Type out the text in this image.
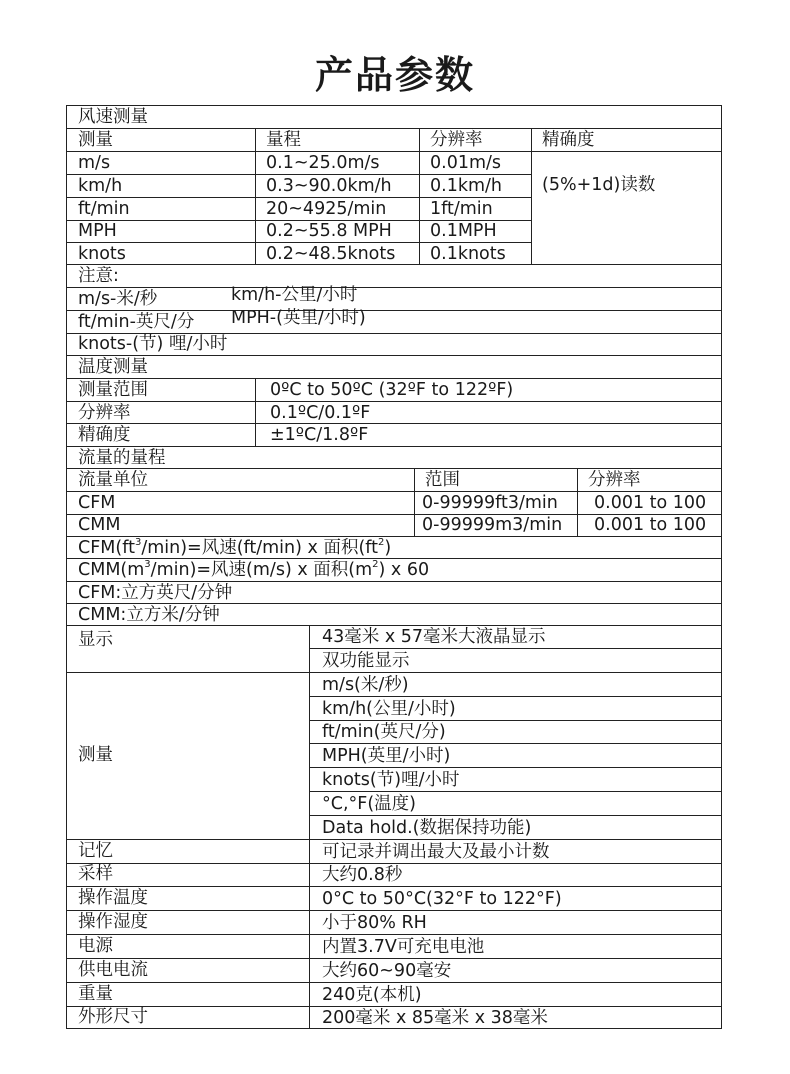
产品参数
风速测量
测量	量程	分辨率	精确度
m/s	0.1~25.0m/s	0.01m/s
km/h	0.3~90.0km/h	0.1km/h
ft/min	20~4925/min	1ft/min
MPH	0.2~55.8 MPH	0.1MPH
knots	0.2~48.5knots	0.1knots
(5%+1d)读数
注意:
m/s-米/秒	km/h-公里/小时
ft/min-英尺/分	MPH-(英里/小时)
knots-(节) 哩/小时
温度测量
测量范围	0ºC to 50ºC (32ºF to 122ºF)
分辨率	0.1ºC/0.1ºF
精确度	±1ºC/1.8ºF
流量的量程
流量单位	范围	分辨率
CFM	0-99999ft3/min	0.001 to 100
CMM	0-99999m3/min	0.001 to 100
$CFM(ft^3/\min)=$风速(ft/min) x 面积$(ft^2)$
$CMM(m^3/\min)=$风速(m/s) x 面积$(m^2)$ x 60
CFM:立方英尺/分钟
CMM:立方米/分钟
显示	43毫米 x 57毫米大液晶显示
双功能显示
测量
m/s(米/秒)
km/h(公里/小时)
ft/min(英尺/分)
MPH(英里/小时)
knots(节)哩/小时
°C,°F(温度)
Data hold.(数据保持功能)
记忆	可记录并调出最大及最小计数
采样	大约0.8秒
操作温度	0°C to 50°C(32°F to 122°F)
操作湿度	小于80% RH
电源	内置3.7V可充电电池
供电电流	大约60~90毫安
重量	240克(本机)
外形尺寸	200毫米 x 85毫米 x 38毫米
